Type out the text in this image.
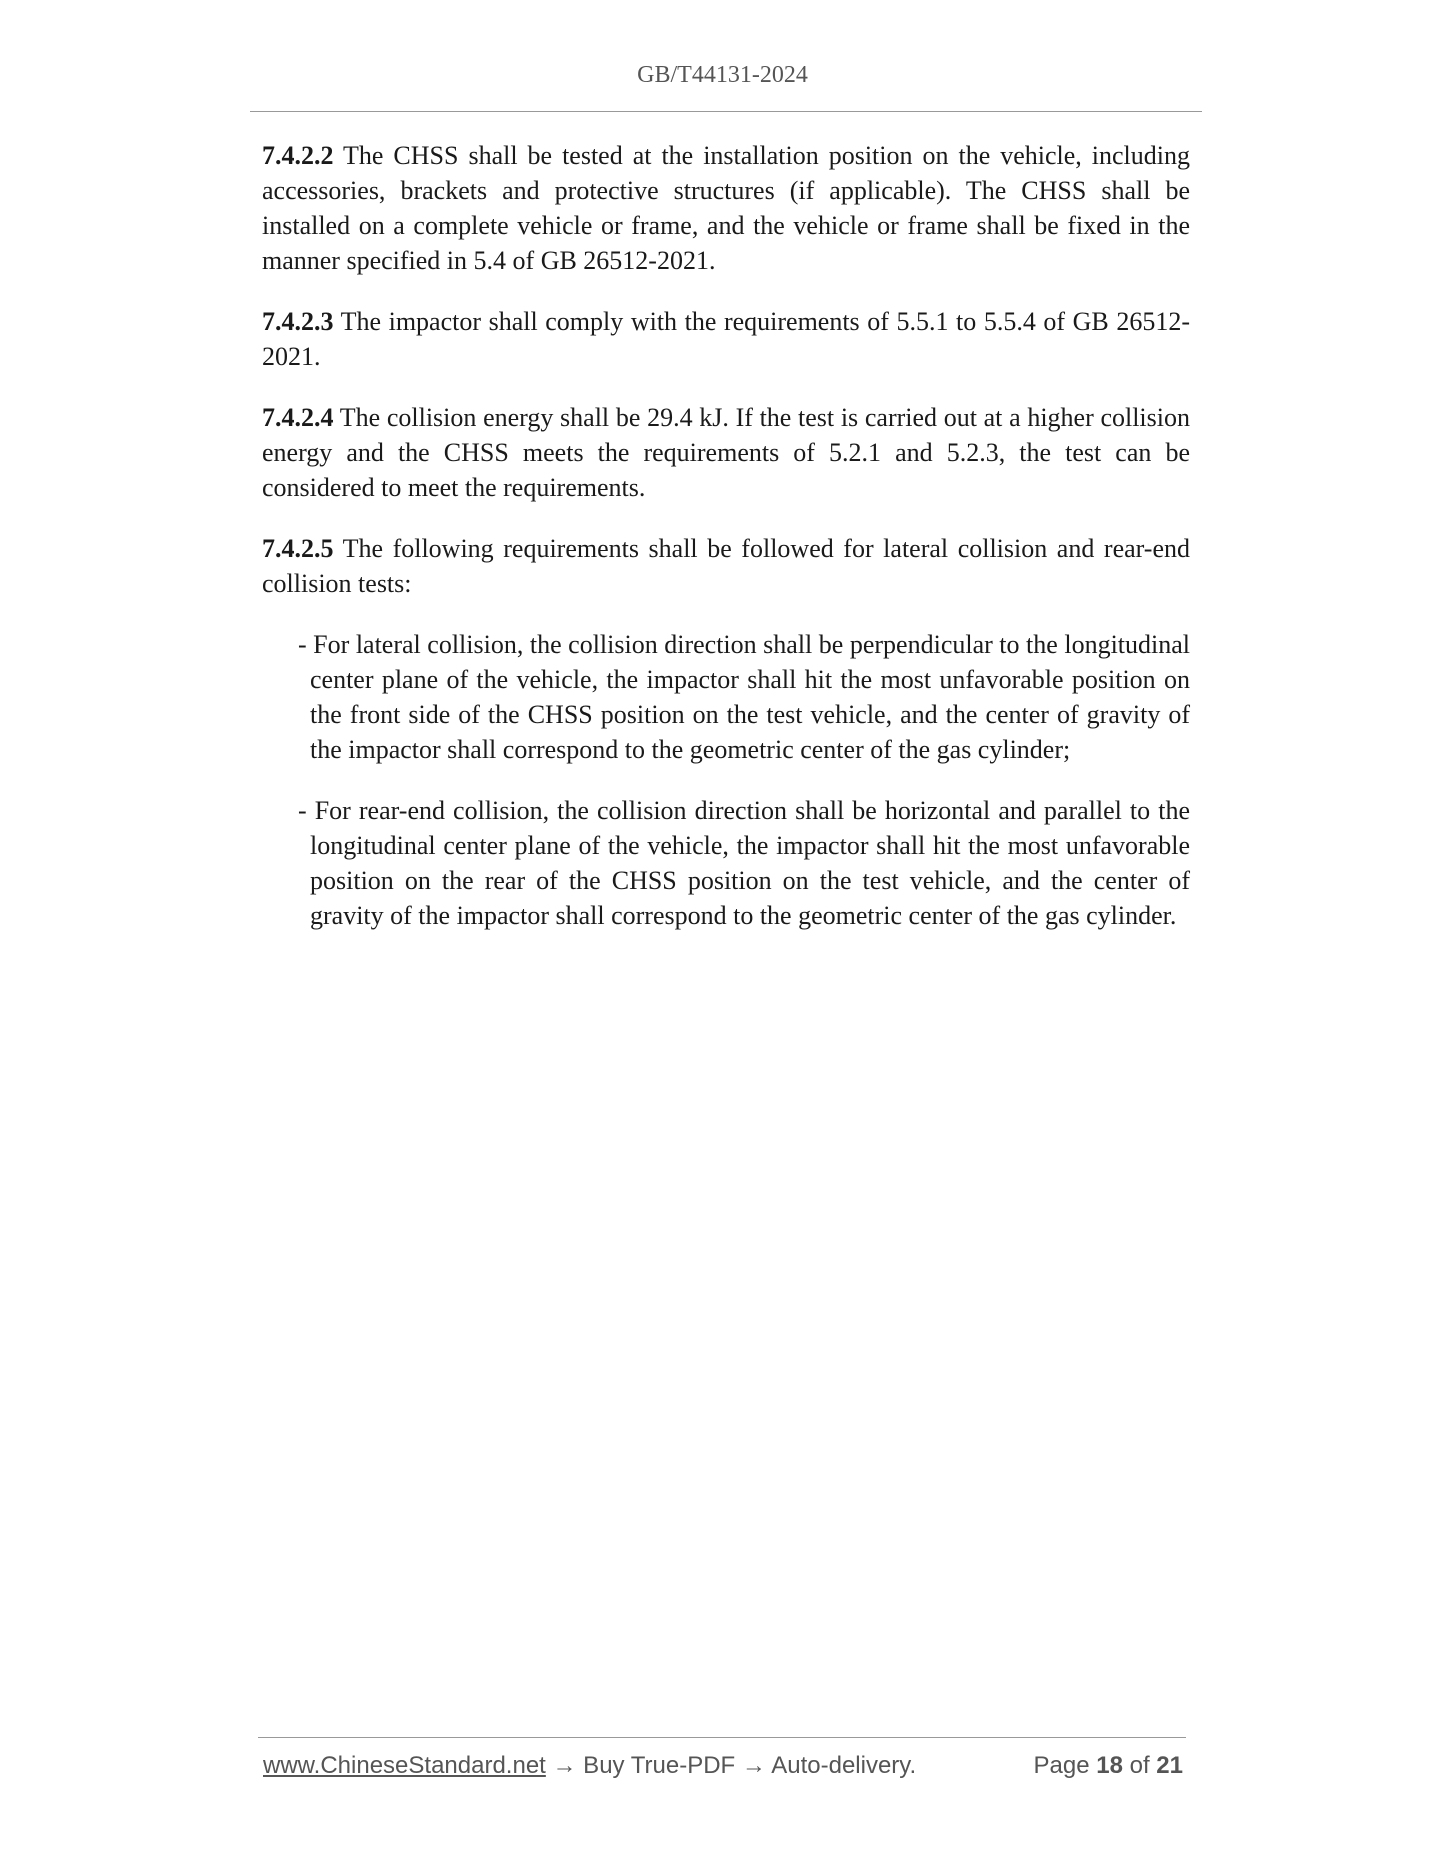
GB/T44131-2024

7.4.2.2 The CHSS shall be tested at the installation position on the vehicle, including accessories, brackets and protective structures (if applicable). The CHSS shall be installed on a complete vehicle or frame, and the vehicle or frame shall be fixed in the manner specified in 5.4 of GB 26512-2021.

7.4.2.3 The impactor shall comply with the requirements of 5.5.1 to 5.5.4 of GB 26512-2021.

7.4.2.4 The collision energy shall be 29.4 kJ. If the test is carried out at a higher collision energy and the CHSS meets the requirements of 5.2.1 and 5.2.3, the test can be considered to meet the requirements.

7.4.2.5 The following requirements shall be followed for lateral collision and rear-end collision tests:

- For lateral collision, the collision direction shall be perpendicular to the longitudinal center plane of the vehicle, the impactor shall hit the most unfavorable position on the front side of the CHSS position on the test vehicle, and the center of gravity of the impactor shall correspond to the geometric center of the gas cylinder;

- For rear-end collision, the collision direction shall be horizontal and parallel to the longitudinal center plane of the vehicle, the impactor shall hit the most unfavorable position on the rear of the CHSS position on the test vehicle, and the center of gravity of the impactor shall correspond to the geometric center of the gas cylinder.

www.ChineseStandard.net → Buy True-PDF → Auto-delivery.	Page 18 of 21
